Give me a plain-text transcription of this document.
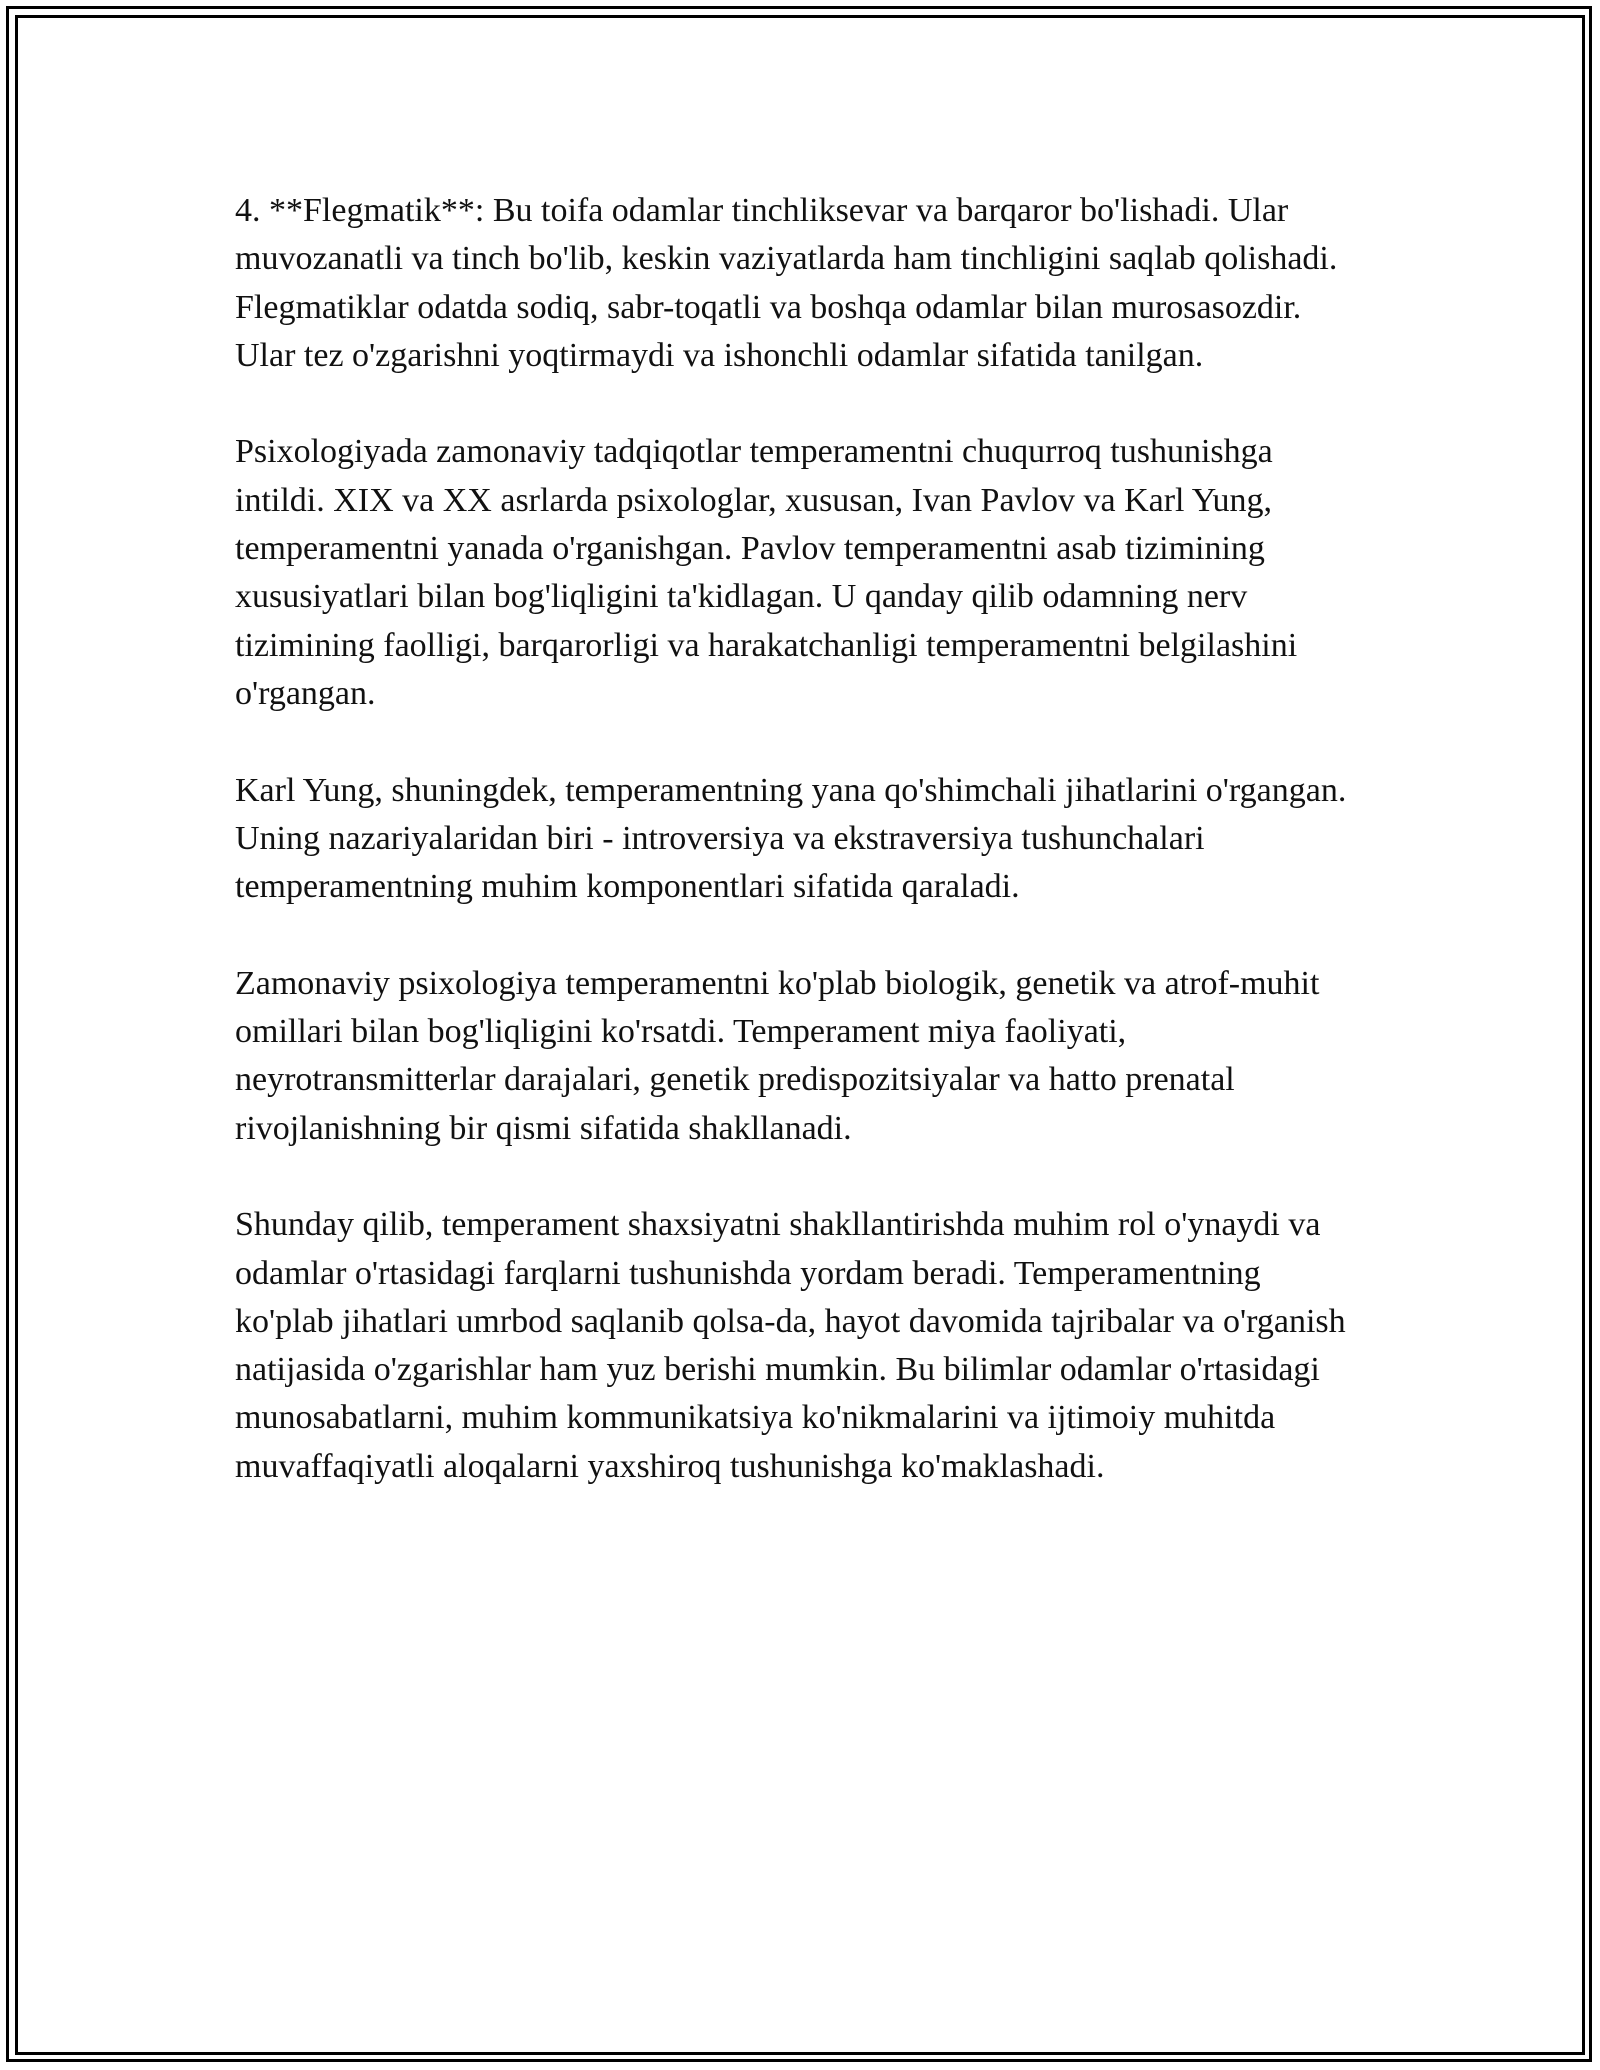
4. **Flegmatik**: Bu toifa odamlar tinchliksevar va barqaror bo'lishadi. Ular muvozanatli va tinch bo'lib, keskin vaziyatlarda ham tinchligini saqlab qolishadi. Flegmatiklar odatda sodiq, sabr-toqatli va boshqa odamlar bilan murosasozdir. Ular tez o'zgarishni yoqtirmaydi va ishonchli odamlar sifatida tanilgan.

Psixologiyada zamonaviy tadqiqotlar temperamentni chuqurroq tushunishga intildi. XIX va XX asrlarda psixologlar, xususan, Ivan Pavlov va Karl Yung, temperamentni yanada o'rganishgan. Pavlov temperamentni asab tizimining xususiyatlari bilan bog'liqligini ta'kidlagan. U qanday qilib odamning nerv tizimining faolligi, barqarorligi va harakatchanligi temperamentni belgilashini o'rgangan.

Karl Yung, shuningdek, temperamentning yana qo'shimchali jihatlarini o'rgangan. Uning nazariyalaridan biri - introversiya va ekstraversiya tushunchalari temperamentning muhim komponentlari sifatida qaraladi.

Zamonaviy psixologiya temperamentni ko'plab biologik, genetik va atrof-muhit omillari bilan bog'liqligini ko'rsatdi. Temperament miya faoliyati, neyrotransmitterlar darajalari, genetik predispozitsiyalar va hatto prenatal rivojlanishning bir qismi sifatida shakllanadi.

Shunday qilib, temperament shaxsiyatni shakllantirishda muhim rol o'ynaydi va odamlar o'rtasidagi farqlarni tushunishda yordam beradi. Temperamentning ko'plab jihatlari umrbod saqlanib qolsa-da, hayot davomida tajribalar va o'rganish natijasida o'zgarishlar ham yuz berishi mumkin. Bu bilimlar odamlar o'rtasidagi munosabatlarni, muhim kommunikatsiya ko'nikmalarini va ijtimoiy muhitda muvaffaqiyatli aloqalarni yaxshiroq tushunishga ko'maklashadi.
